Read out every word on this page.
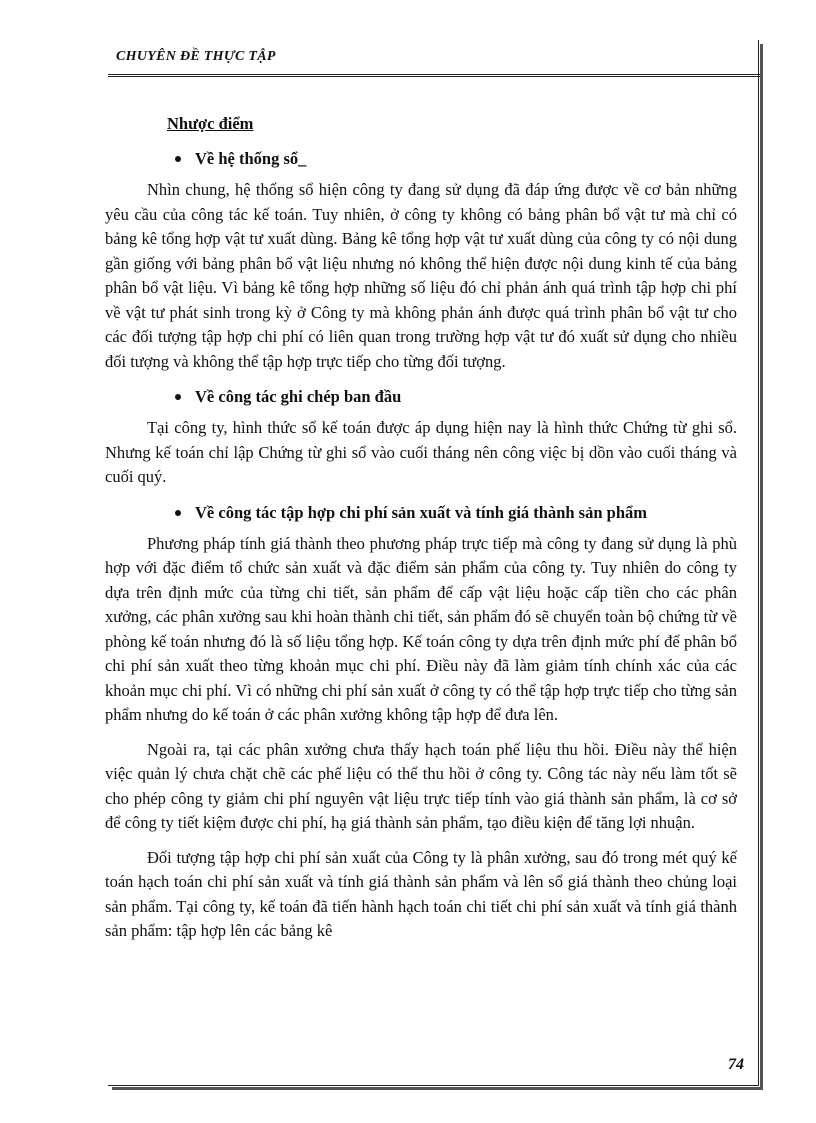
CHUYÊN ĐỀ THỰC TẬP
Nhược điểm
Về hệ thống sổ_

Nhìn chung, hệ thống sổ hiện công ty đang sử dụng đã đáp ứng được về cơ bản những yêu cầu của công tác kế toán. Tuy nhiên, ở công ty không có bảng phân bổ vật tư mà chỉ có bảng kê tổng hợp vật tư xuất dùng. Bảng kê tổng hợp vật tư xuất dùng của công ty có nội dung gần giống với bảng phân bổ vật liệu nhưng nó không thể hiện được nội dung kinh tế của bảng phân bổ vật liệu. Vì bảng kê tổng hợp những số liệu đó chỉ phản ánh quá trình tập hợp chi phí về vật tư phát sinh trong kỳ ở Công ty mà không phản ánh được quá trình phân bổ vật tư cho các đối tượng tập hợp chi phí có liên quan trong trường hợp vật tư đó xuất sử dụng cho nhiều đối tượng và không thể tập hợp trực tiếp cho từng đối tượng.

Về công tác ghi chép ban đầu

Tại công ty, hình thức sổ kế toán được áp dụng hiện nay là hình thức Chứng từ ghi sổ. Nhưng kế toán chỉ lập Chứng từ ghi sổ vào cuối tháng nên công việc bị dồn vào cuối tháng và cuối quý.

Về công tác tập hợp chi phí sản xuất và tính giá thành sản phẩm

Phương pháp tính giá thành theo phương pháp trực tiếp mà công ty đang sử dụng là phù hợp với đặc điểm tổ chức sản xuất và đặc điểm sản phẩm của công ty. Tuy nhiên do công ty dựa trên định mức của từng chi tiết, sản phẩm để cấp vật liệu hoặc cấp tiền cho các phân xưởng, các phân xưởng sau khi hoàn thành chi tiết, sản phẩm đó sẽ chuyển toàn bộ chứng từ về phòng kế toán nhưng đó là số liệu tổng hợp. Kế toán công ty dựa trên định mức phí để phân bổ chi phí sản xuất theo từng khoản mục chi phí. Điều này đã làm giảm tính chính xác của các khoản mục chi phí. Vì có những chi phí sản xuất ở công ty có thể tập hợp trực tiếp cho từng sản phẩm nhưng do kế toán ở các phân xưởng không tập hợp để đưa lên.

Ngoài ra, tại các phân xưởng chưa thấy hạch toán phế liệu thu hồi. Điều này thể hiện việc quản lý chưa chặt chẽ các phế liệu có thể thu hồi ở công ty. Công tác này nếu làm tốt sẽ cho phép công ty giảm chi phí nguyên vật liệu trực tiếp tính vào giá thành sản phẩm, là cơ sở để công ty tiết kiệm được chi phí, hạ giá thành sản phẩm, tạo điều kiện để tăng lợi nhuận.

Đối tượng tập hợp chi phí sản xuất của Công ty là phân xưởng, sau đó trong mét quý kế toán hạch toán chi phí sản xuất và tính giá thành sản phẩm và lên sổ giá thành theo chủng loại sản phẩm. Tại công ty, kế toán đã tiến hành hạch toán chi tiết chi phí sản xuất và tính giá thành sản phẩm: tập hợp lên các bảng kê

74
